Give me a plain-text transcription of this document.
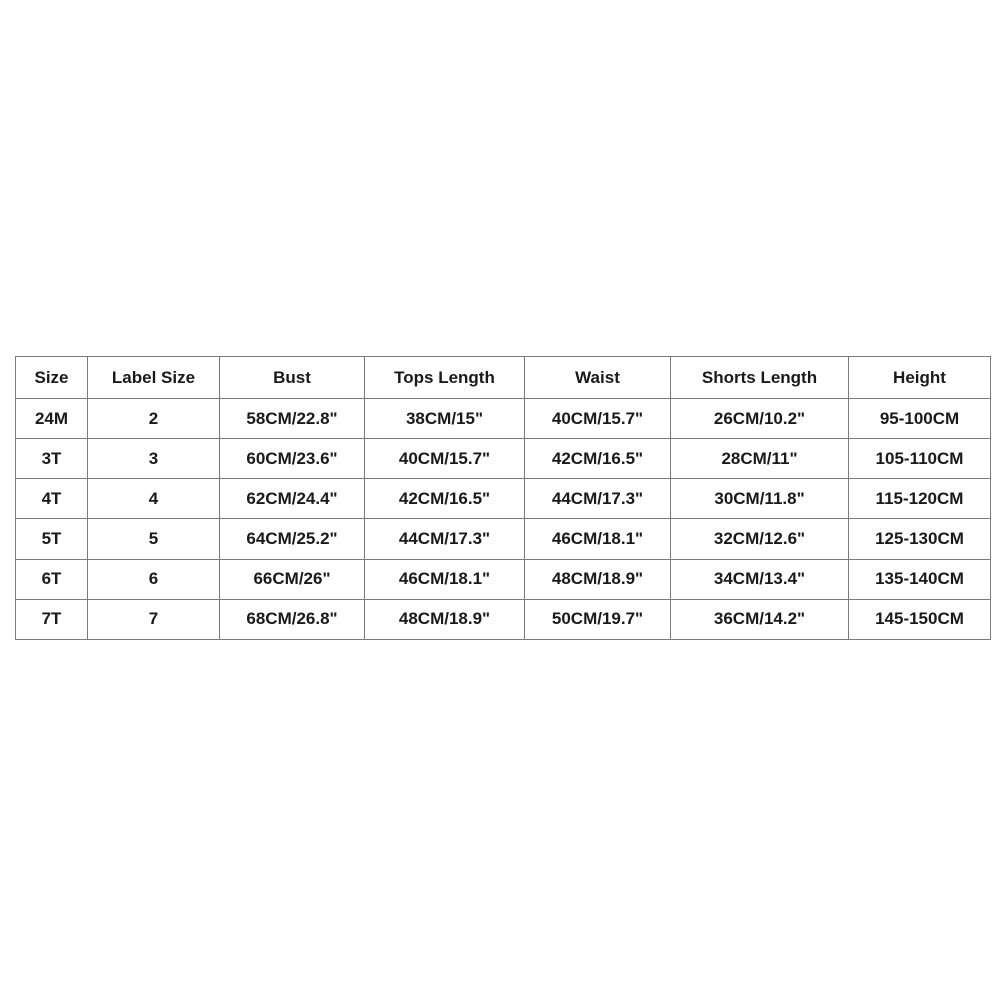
Size	Label Size	Bust	Tops Length	Waist	Shorts Length	Height
24M	2	58CM/22.8"	38CM/15"	40CM/15.7"	26CM/10.2"	95-100CM
3T	3	60CM/23.6"	40CM/15.7"	42CM/16.5"	28CM/11"	105-110CM
4T	4	62CM/24.4"	42CM/16.5"	44CM/17.3"	30CM/11.8"	115-120CM
5T	5	64CM/25.2"	44CM/17.3"	46CM/18.1"	32CM/12.6"	125-130CM
6T	6	66CM/26"	46CM/18.1"	48CM/18.9"	34CM/13.4"	135-140CM
7T	7	68CM/26.8"	48CM/18.9"	50CM/19.7"	36CM/14.2"	145-150CM
